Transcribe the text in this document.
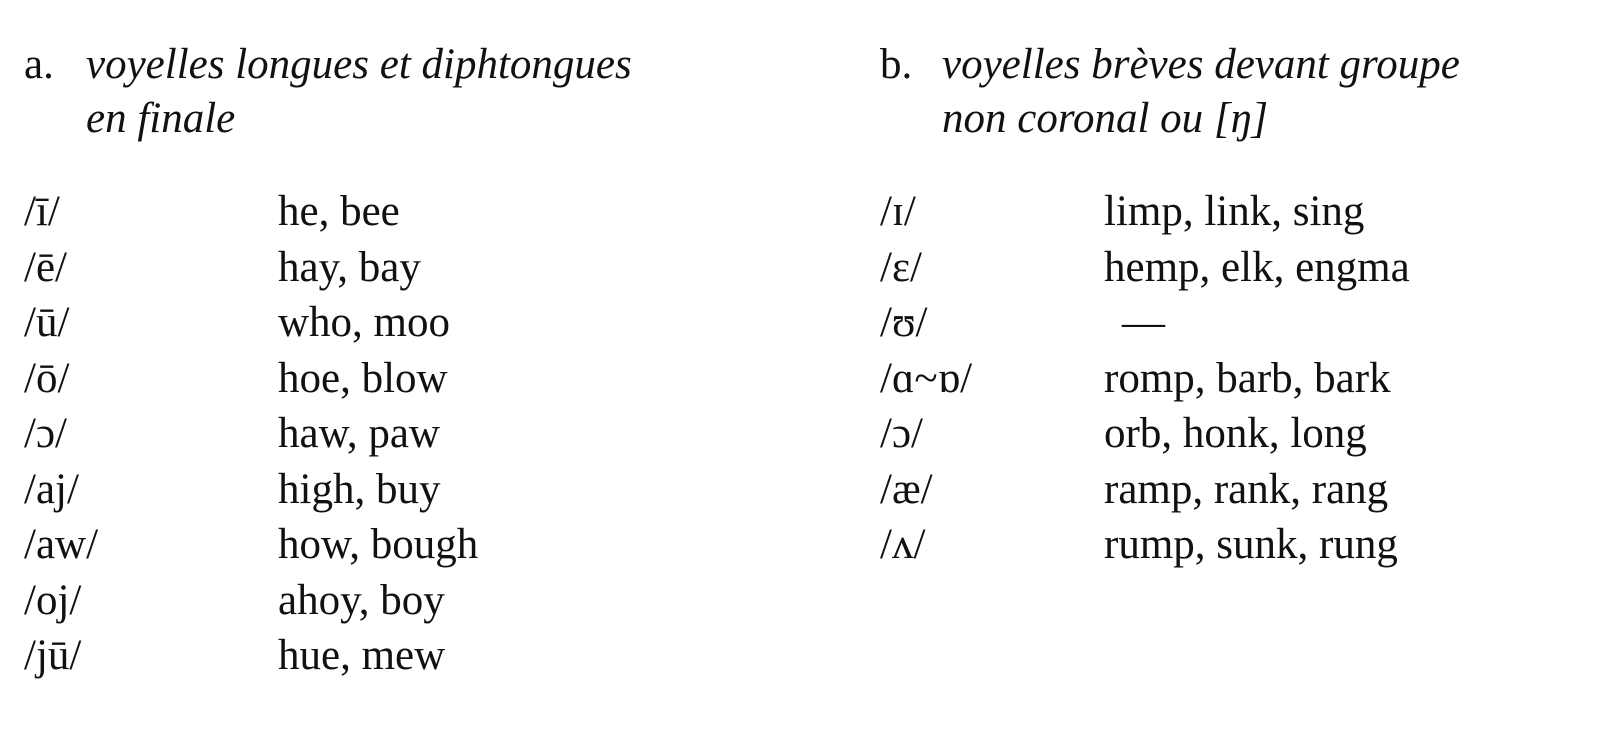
a. voyelles longues et diphtongues
en finale
/ī/	he, bee
/ē/	hay, bay
/ū/	who, moo
/ō/	hoe, blow
/ɔ/	haw, paw
/aj/	high, buy
/aw/	how, bough
/oj/	ahoy, boy
/jū/	hue, mew
b. voyelles brèves devant groupe
non coronal ou [ŋ]
/ɪ/	limp, link, sing
/ɛ/	hemp, elk, engma
/ʊ/	—
/ɑ~ɒ/	romp, barb, bark
/ɔ/	orb, honk, long
/æ/	ramp, rank, rang
/ʌ/	rump, sunk, rung
